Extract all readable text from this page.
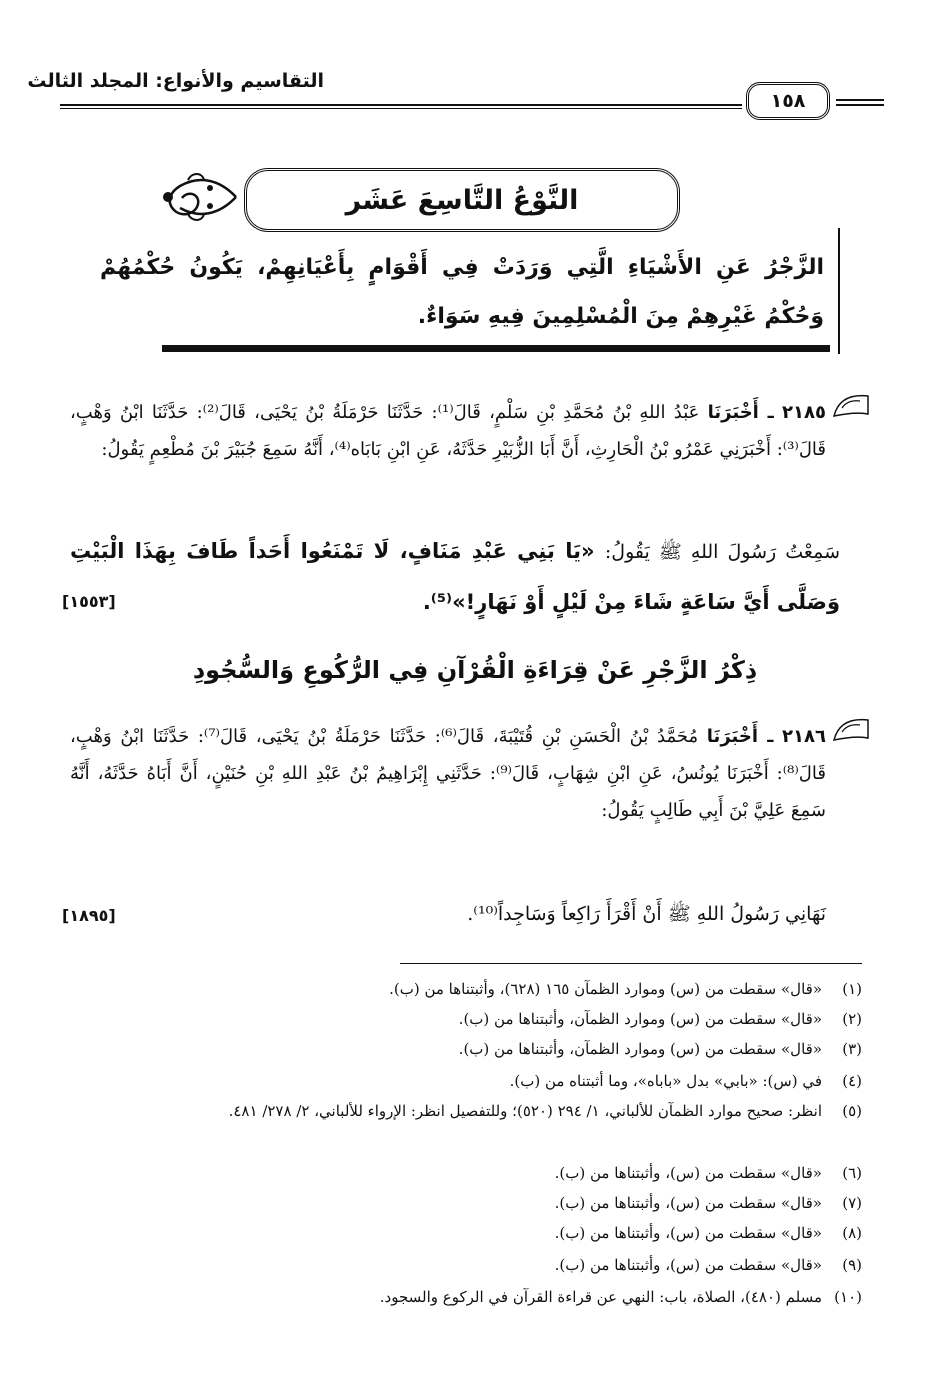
التقاسيم والأنواع: المجلد الثالث
١٥٨
النَّوْعُ التَّاسِعَ عَشَر
الزَّجْرُ عَنِ الأَشْيَاءِ الَّتِي وَرَدَتْ فِي أَقْوَامٍ بِأَعْيَانِهِمْ، يَكُونُ حُكْمُهُمْ وَحُكْمُ غَيْرِهِمْ مِنَ الْمُسْلِمِينَ فِيهِ سَوَاءٌ.
٢١٨٥ ـ أَخْبَرَنَا عَبْدُ اللهِ بْنُ مُحَمَّدِ بْنِ سَلْمٍ، قَالَ⁽¹⁾: حَدَّثَنَا حَرْمَلَةُ بْنُ يَحْيَى، قَالَ⁽²⁾: حَدَّثَنَا ابْنُ وَهْبٍ، قَالَ⁽³⁾: أَخْبَرَنِي عَمْرُو بْنُ الْحَارِثِ، أَنَّ أَبَا الزُّبَيْرِ حَدَّثَهُ، عَنِ ابْنِ بَابَاه⁽⁴⁾، أَنَّهُ سَمِعَ جُبَيْرَ بْنَ مُطْعِمٍ يَقُولُ:
سَمِعْتُ رَسُولَ اللهِ ﷺ يَقُولُ: «يَا بَنِي عَبْدِ مَنَافٍ، لَا تَمْنَعُوا أَحَداً طَافَ بِهَذَا الْبَيْتِ وَصَلَّى أَيَّ سَاعَةٍ شَاءَ مِنْ لَيْلٍ أَوْ نَهَارٍ!»⁽⁵⁾.
[١٥٥٣]
ذِكْرُ الزَّجْرِ عَنْ قِرَاءَةِ الْقُرْآنِ فِي الرُّكُوعِ وَالسُّجُودِ
٢١٨٦ ـ أَخْبَرَنَا مُحَمَّدُ بْنُ الْحَسَنِ بْنِ قُتَيْبَةَ، قَالَ⁽⁶⁾: حَدَّثَنَا حَرْمَلَةُ بْنُ يَحْيَى، قَالَ⁽⁷⁾: حَدَّثَنَا ابْنُ وَهْبٍ، قَالَ⁽⁸⁾: أَخْبَرَنَا يُونُسُ، عَنِ ابْنِ شِهَابٍ، قَالَ⁽⁹⁾: حَدَّثَنِي إِبْرَاهِيمُ بْنُ عَبْدِ اللهِ بْنِ حُنَيْنٍ، أَنَّ أَبَاهُ حَدَّثَهُ، أَنَّهُ سَمِعَ عَلِيَّ بْنَ أَبِي طَالِبٍ يَقُولُ:
نَهَانِي رَسُولُ اللهِ ﷺ أَنْ أَقْرَأَ رَاكِعاً وَسَاجِداً⁽¹⁰⁾.
[١٨٩٥]
(١)«قال» سقطت من (س) وموارد الظمآن ١٦٥ (٦٢٨)، وأثبتناها من (ب).
(٢)«قال» سقطت من (س) وموارد الظمآن، وأثبتناها من (ب).
(٣)«قال» سقطت من (س) وموارد الظمآن، وأثبتناها من (ب).
(٤)في (س): «بابي» بدل «باباه»، وما أثبتناه من (ب).
(٥)انظر: صحيح موارد الظمآن للألباني، ١/ ٢٩٤ (٥٢٠)؛ وللتفصيل انظر: الإرواء للألباني، ٢/ ٢٧٨/ ٤٨١.
(٦)«قال» سقطت من (س)، وأثبتناها من (ب).
(٧)«قال» سقطت من (س)، وأثبتناها من (ب).
(٨)«قال» سقطت من (س)، وأثبتناها من (ب).
(٩)«قال» سقطت من (س)، وأثبتناها من (ب).
(١٠)مسلم (٤٨٠)، الصلاة، باب: النهي عن قراءة القرآن في الركوع والسجود.
